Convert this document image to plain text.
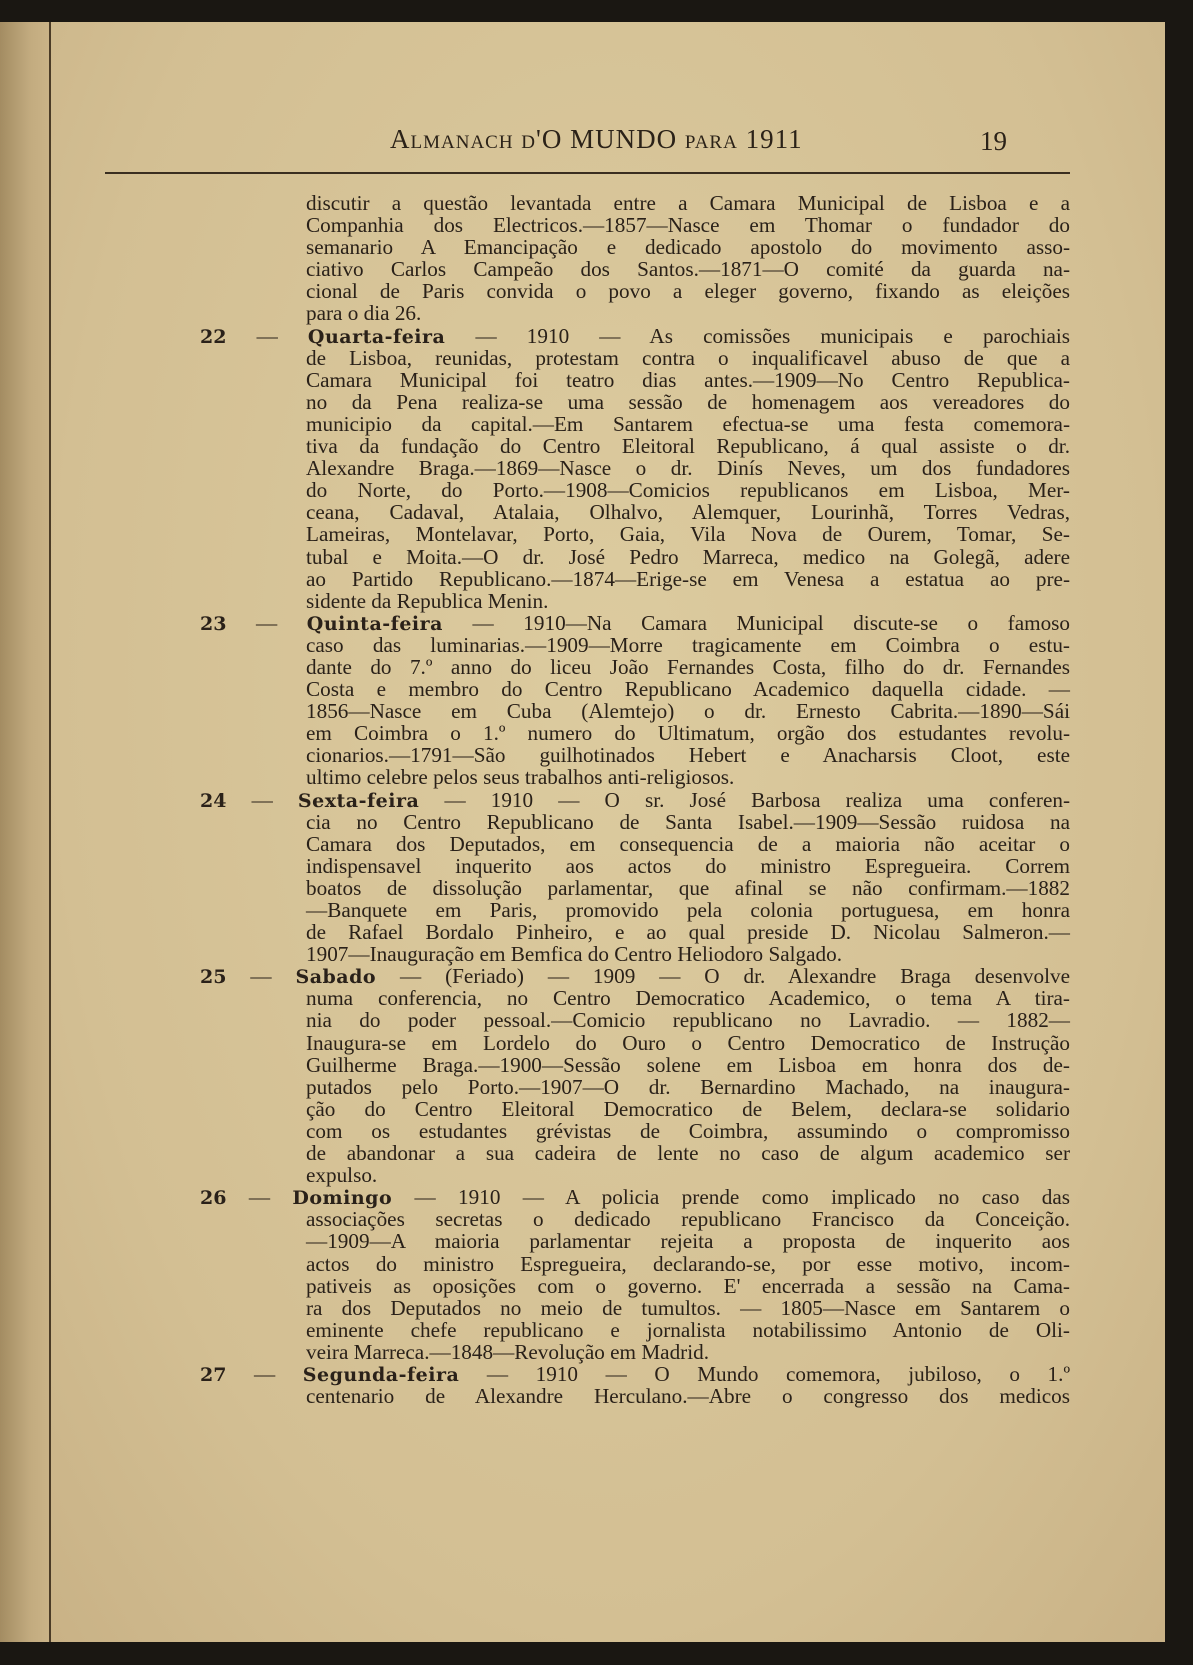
Almanach d'O MUNDO para 1911	19
discutir a questão levantada entre a Camara Municipal de Lisboa e a
Companhia dos Electricos.—1857—Nasce em Thomar o fundador do
semanario A Emancipação e dedicado apostolo do movimento asso-
ciativo Carlos Campeão dos Santos.—1871—O comité da guarda na-
cional de Paris convida o povo a eleger governo, fixando as eleições
para o dia 26.
22 — Quarta-feira — 1910 — As comissões municipais e parochiais
de Lisboa, reunidas, protestam contra o inqualificavel abuso de que a
Camara Municipal foi teatro dias antes.—1909—No Centro Republica-
no da Pena realiza-se uma sessão de homenagem aos vereadores do
municipio da capital.—Em Santarem efectua-se uma festa comemora-
tiva da fundação do Centro Eleitoral Republicano, á qual assiste o dr.
Alexandre Braga.—1869—Nasce o dr. Dinís Neves, um dos fundadores
do Norte, do Porto.—1908—Comicios republicanos em Lisboa, Mer-
ceana, Cadaval, Atalaia, Olhalvo, Alemquer, Lourinhã, Torres Vedras,
Lameiras, Montelavar, Porto, Gaia, Vila Nova de Ourem, Tomar, Se-
tubal e Moita.—O dr. José Pedro Marreca, medico na Golegã, adere
ao Partido Republicano.—1874—Erige-se em Venesa a estatua ao pre-
sidente da Republica Menin.
23 — Quinta-feira — 1910—Na Camara Municipal discute-se o famoso
caso das luminarias.—1909—Morre tragicamente em Coimbra o estu-
dante do 7.º anno do liceu João Fernandes Costa, filho do dr. Fernandes
Costa e membro do Centro Republicano Academico daquella cidade. —
1856—Nasce em Cuba (Alemtejo) o dr. Ernesto Cabrita.—1890—Sái
em Coimbra o 1.º numero do Ultimatum, orgão dos estudantes revolu-
cionarios.—1791—São guilhotinados Hebert e Anacharsis Cloot, este
ultimo celebre pelos seus trabalhos anti-religiosos.
24 — Sexta-feira — 1910 — O sr. José Barbosa realiza uma conferen-
cia no Centro Republicano de Santa Isabel.—1909—Sessão ruidosa na
Camara dos Deputados, em consequencia de a maioria não aceitar o
indispensavel inquerito aos actos do ministro Espregueira. Correm
boatos de dissolução parlamentar, que afinal se não confirmam.—1882
—Banquete em Paris, promovido pela colonia portuguesa, em honra
de Rafael Bordalo Pinheiro, e ao qual preside D. Nicolau Salmeron.—
1907—Inauguração em Bemfica do Centro Heliodoro Salgado.
25 — Sabado — (Feriado) — 1909 — O dr. Alexandre Braga desenvolve
numa conferencia, no Centro Democratico Academico, o tema A tira-
nia do poder pessoal.—Comicio republicano no Lavradio. — 1882—
Inaugura-se em Lordelo do Ouro o Centro Democratico de Instrução
Guilherme Braga.—1900—Sessão solene em Lisboa em honra dos de-
putados pelo Porto.—1907—O dr. Bernardino Machado, na inaugura-
ção do Centro Eleitoral Democratico de Belem, declara-se solidario
com os estudantes grévistas de Coimbra, assumindo o compromisso
de abandonar a sua cadeira de lente no caso de algum academico ser
expulso.
26 — Domingo — 1910 — A policia prende como implicado no caso das
associações secretas o dedicado republicano Francisco da Conceição.
—1909—A maioria parlamentar rejeita a proposta de inquerito aos
actos do ministro Espregueira, declarando-se, por esse motivo, incom-
pativeis as oposições com o governo. E' encerrada a sessão na Cama-
ra dos Deputados no meio de tumultos. — 1805—Nasce em Santarem o
eminente chefe republicano e jornalista notabilissimo Antonio de Oli-
veira Marreca.—1848—Revolução em Madrid.
27 — Segunda-feira — 1910 — O Mundo comemora, jubiloso, o 1.º
centenario de Alexandre Herculano.—Abre o congresso dos medicos
